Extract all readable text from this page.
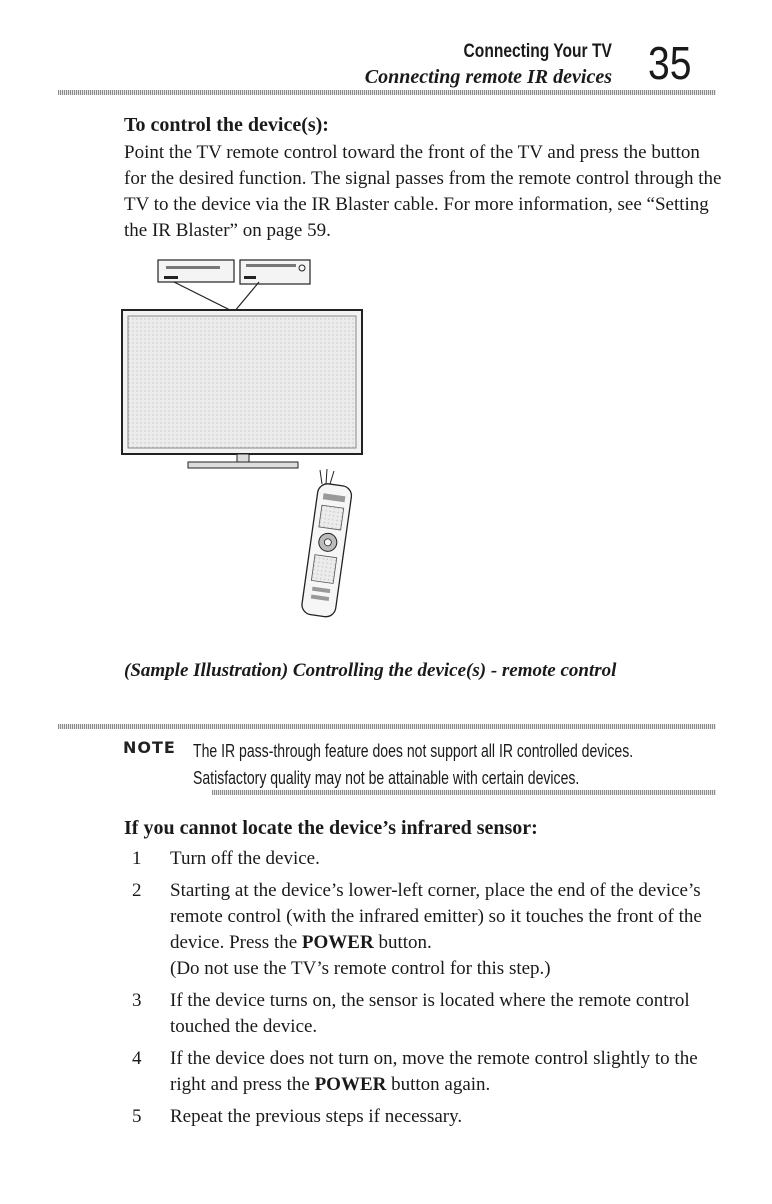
Connecting Your TV
Connecting remote IR devices 35
To control the device(s):
Point the TV remote control toward the front of the TV and press the button for the desired function. The signal passes from the remote control through the TV to the device via the IR Blaster cable. For more information, see “Setting the IR Blaster” on page 59.
(Sample Illustration) Controlling the device(s) - remote control
NOTE The IR pass-through feature does not support all IR controlled devices.
Satisfactory quality may not be attainable with certain devices.
If you cannot locate the device’s infrared sensor:
1 Turn off the device.
2 Starting at the device’s lower-left corner, place the end of the device’s remote control (with the infrared emitter) so it touches the front of the device. Press the POWER button.
(Do not use the TV’s remote control for this step.)
3 If the device turns on, the sensor is located where the remote control touched the device.
4 If the device does not turn on, move the remote control slightly to the right and press the POWER button again.
5 Repeat the previous steps if necessary.
